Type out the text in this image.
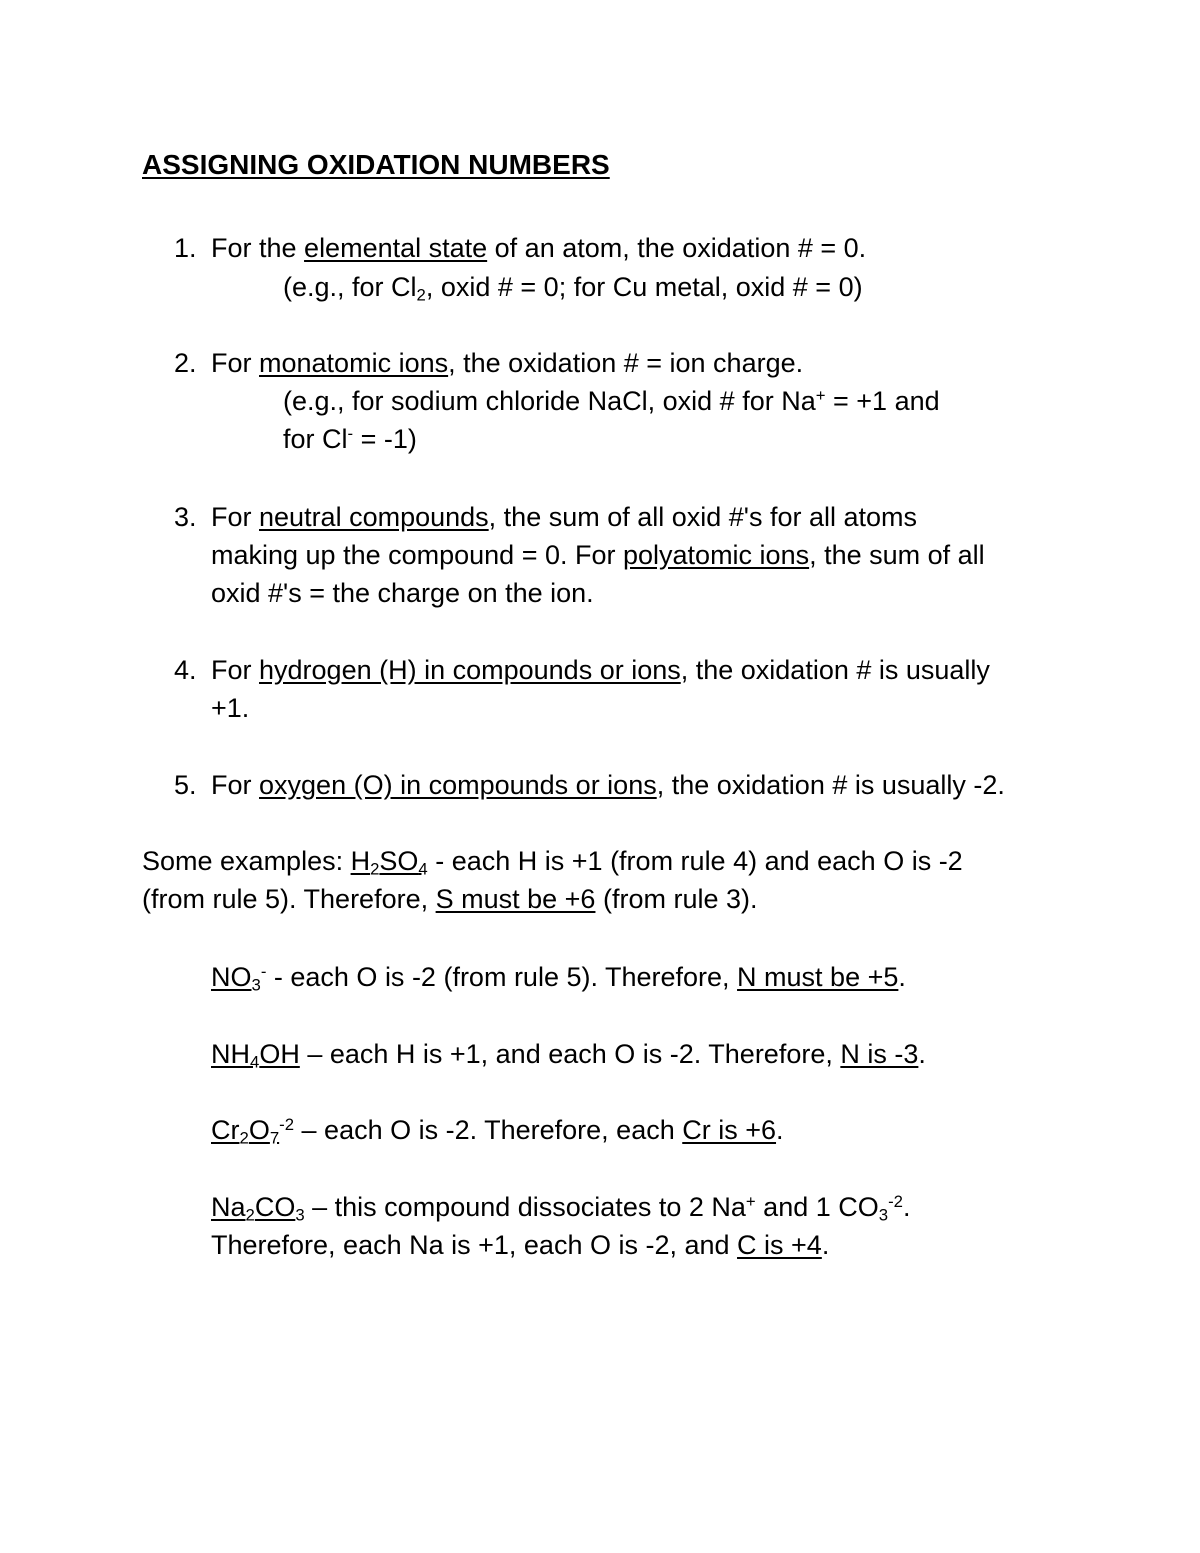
ASSIGNING OXIDATION NUMBERS
1. For the elemental state of an atom, the oxidation # = 0.
(e.g., for $Cl_2$, oxid # = 0; for Cu metal, oxid # = 0)
2. For monatomic ions, the oxidation # = ion charge.
(e.g., for sodium chloride NaCl, oxid # for Na+ = +1 and
for Cl- = -1)
3. For neutral compounds, the sum of all oxid #'s for all atoms
making up the compound = 0. For polyatomic ions, the sum of all
oxid #'s = the charge on the ion.
4. For hydrogen (H) in compounds or ions, the oxidation # is usually
+1.
5. For oxygen (O) in compounds or ions, the oxidation # is usually -2.
Some examples: $H_2SO_4$ - each H is +1 (from rule 4) and each O is -2
(from rule 5). Therefore, S must be +6 (from rule 3).
$NO_3^-$ - each O is -2 (from rule 5). Therefore, N must be +5.
$NH_4OH$ – each H is +1, and each O is -2. Therefore, N is -3.
$Cr_2O_7^{-2}$ – each O is -2. Therefore, each Cr is +6.
$Na_2CO_3$ – this compound dissociates to 2 Na+ and 1 $CO_3^{-2}$.
Therefore, each Na is +1, each O is -2, and C is +4.
